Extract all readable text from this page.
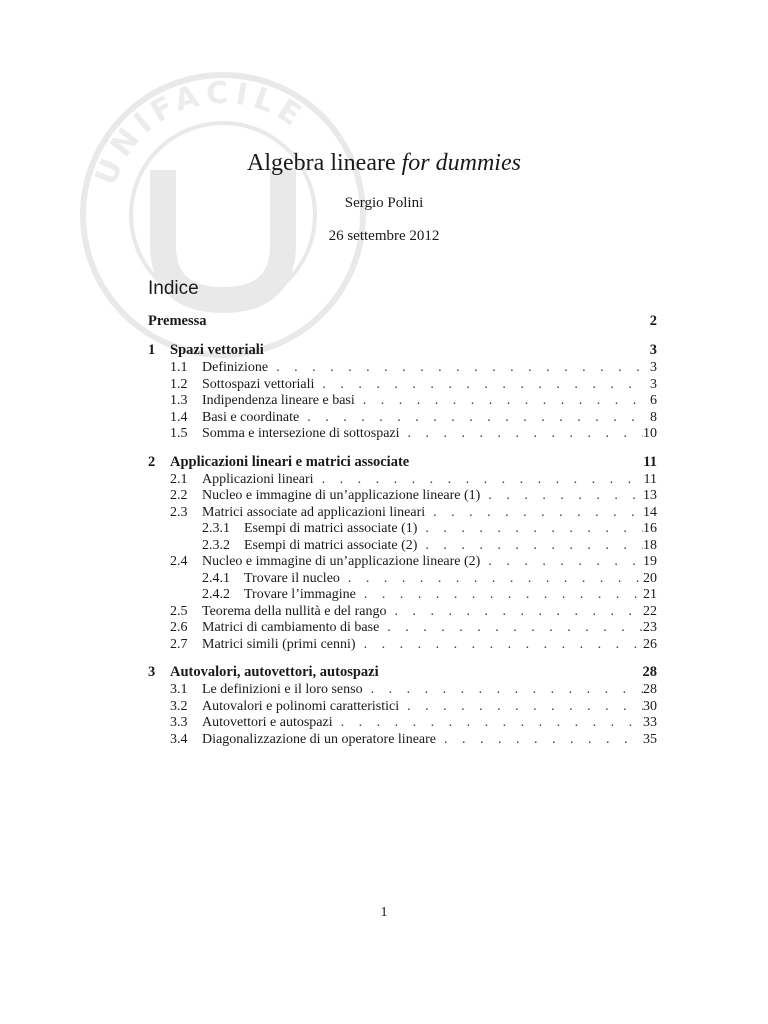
UNIFACILE
Algebra lineare for dummies
Sergio Polini
26 settembre 2012
Indice
Premessa	2
1	Spazi vettoriali	3
1.1	Definizione . . .	3
1.2	Sottospazi vettoriali . . .	3
1.3	Indipendenza lineare e basi . . .	6
1.4	Basi e coordinate . . .	8
1.5	Somma e intersezione di sottospazi . . .	10
2	Applicazioni lineari e matrici associate	11
2.1	Applicazioni lineari . . .	11
2.2	Nucleo e immagine di un’applicazione lineare (1) . . .	13
2.3	Matrici associate ad applicazioni lineari . . .	14
2.3.1	Esempi di matrici associate (1) . . .	16
2.3.2	Esempi di matrici associate (2) . . .	18
2.4	Nucleo e immagine di un’applicazione lineare (2) . . .	19
2.4.1	Trovare il nucleo . . .	20
2.4.2	Trovare l’immagine . . .	21
2.5	Teorema della nullità e del rango . . .	22
2.6	Matrici di cambiamento di base . . .	23
2.7	Matrici simili (primi cenni) . . .	26
3	Autovalori, autovettori, autospazi	28
3.1	Le definizioni e il loro senso . . .	28
3.2	Autovalori e polinomi caratteristici . . .	30
3.3	Autovettori e autospazi . . .	33
3.4	Diagonalizzazione di un operatore lineare . . .	35
1
